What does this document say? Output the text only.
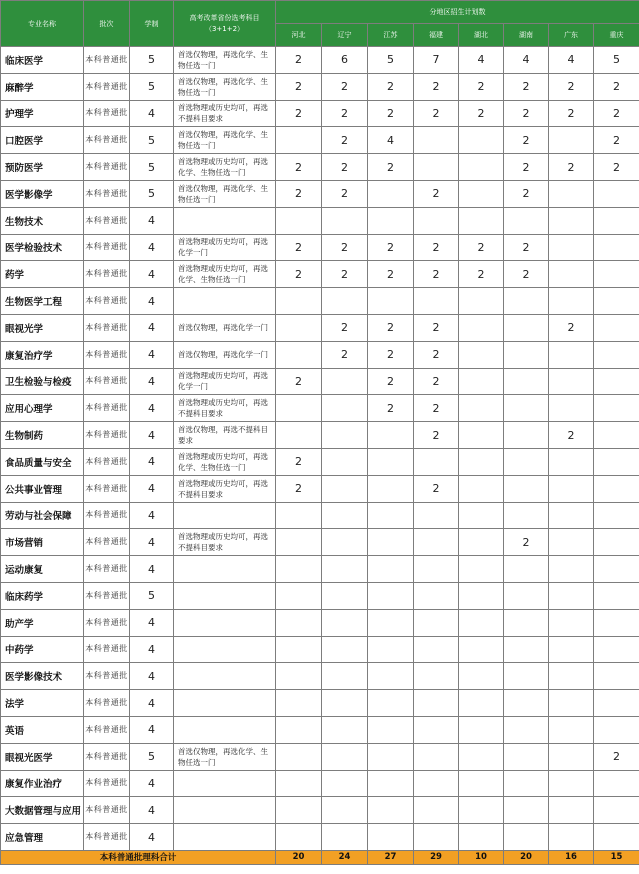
专业名称	批次	学制	高考改革省份选考科目（3+1+2）	分地区招生计划数							
				河北	辽宁	江苏	福建	湖北	湖南	广东	重庆
临床医学	本科普通批	5	首选仅物理，再选化学、生物任选一门	2	6	5	7	4	4	4	5
麻醉学	本科普通批	5	首选仅物理，再选化学、生物任选一门	2	2	2	2	2	2	2	2
护理学	本科普通批	4	首选物理或历史均可，再选不提科目要求	2	2	2	2	2	2	2	2
口腔医学	本科普通批	5	首选仅物理，再选化学、生物任选一门		2	4			2		2
预防医学	本科普通批	5	首选物理或历史均可，再选化学、生物任选一门	2	2	2			2	2	2
医学影像学	本科普通批	5	首选仅物理，再选化学、生物任选一门	2	2		2		2		
生物技术	本科普通批	4									
医学检验技术	本科普通批	4	首选物理或历史均可，再选化学一门	2	2	2	2	2	2		
药学	本科普通批	4	首选物理或历史均可，再选化学、生物任选一门	2	2	2	2	2	2		
生物医学工程	本科普通批	4									
眼视光学	本科普通批	4	首选仅物理，再选化学一门		2	2	2			2	
康复治疗学	本科普通批	4	首选仅物理，再选化学一门		2	2	2				
卫生检验与检疫	本科普通批	4	首选物理或历史均可，再选化学一门	2		2	2				
应用心理学	本科普通批	4	首选物理或历史均可，再选不提科目要求			2	2				
生物制药	本科普通批	4	首选仅物理，再选不提科目要求				2			2	
食品质量与安全	本科普通批	4	首选物理或历史均可，再选化学、生物任选一门	2							
公共事业管理	本科普通批	4	首选物理或历史均可，再选不提科目要求	2			2				
劳动与社会保障	本科普通批	4									
市场营销	本科普通批	4	首选物理或历史均可，再选不提科目要求						2		
运动康复	本科普通批	4									
临床药学	本科普通批	5									
助产学	本科普通批	4									
中药学	本科普通批	4									
医学影像技术	本科普通批	4									
法学	本科普通批	4									
英语	本科普通批	4									
眼视光医学	本科普通批	5	首选仅物理，再选化学、生物任选一门								2
康复作业治疗	本科普通批	4									
大数据管理与应用	本科普通批	4									
应急管理	本科普通批	4									
本科普通批理科合计				20	24	27	29	10	20	16	15
